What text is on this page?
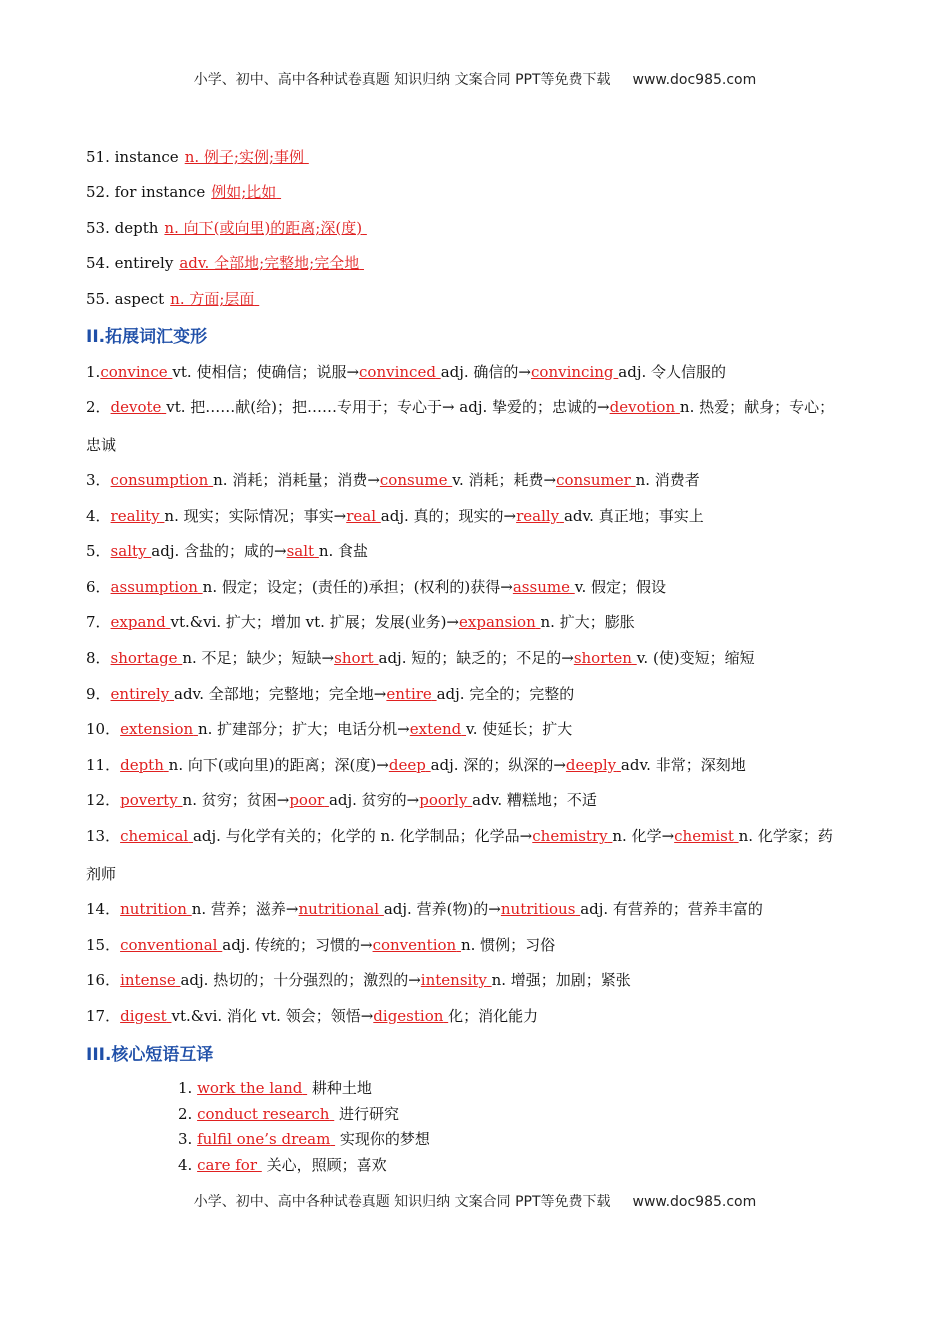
小学、初中、高中各种试卷真题 知识归纳 文案合同 PPT等免费下载 www.doc985.com
51. instance n. 例子;实例;事例
52. for instance 例如;比如
53. depth n. 向下(或向里)的距离;深(度)
54. entirely adv. 全部地;完整地;完全地
55. aspect n. 方面;层面
II.拓展词汇变形
1.convince vt. 使相信；使确信；说服→convinced adj. 确信的→convincing adj. 令人信服的
2．devote vt. 把……献(给)；把……专用于；专心于→ adj. 挚爱的；忠诚的→devotion n. 热爱；献身；专心；
忠诚
3．consumption n. 消耗；消耗量；消费→consume v. 消耗；耗费→consumer n. 消费者
4．reality n. 现实；实际情况；事实→real adj. 真的；现实的→really adv. 真正地；事实上
5．salty adj. 含盐的；咸的→salt n. 食盐
6．assumption n. 假定；设定；(责任的)承担；(权利的)获得→assume v. 假定；假设
7．expand vt.&vi. 扩大；增加 vt. 扩展；发展(业务)→expansion n. 扩大；膨胀
8．shortage n. 不足；缺少；短缺→short adj. 短的；缺乏的；不足的→shorten v. (使)变短；缩短
9．entirely adv. 全部地；完整地；完全地→entire adj. 完全的；完整的
10．extension n. 扩建部分；扩大；电话分机→extend v. 使延长；扩大
11．depth n. 向下(或向里)的距离；深(度)→deep adj. 深的；纵深的→deeply adv. 非常；深刻地
12．poverty n. 贫穷；贫困→poor adj. 贫穷的→poorly adv. 糟糕地；不适
13．chemical adj. 与化学有关的；化学的 n. 化学制品；化学品→chemistry n. 化学→chemist n. 化学家；药
剂师
14．nutrition n. 营养；滋养→nutritional adj. 营养(物)的→nutritious adj. 有营养的；营养丰富的
15．conventional adj. 传统的；习惯的→convention n. 惯例；习俗
16．intense adj. 热切的；十分强烈的；激烈的→intensity n. 增强；加剧；紧张
17．digest vt.&vi. 消化 vt. 领会；领悟→digestion 化；消化能力
III.核心短语互译
1. work the land 耕种土地
2. conduct research 进行研究
3. fulfil one’s dream 实现你的梦想
4. care for 关心，照顾；喜欢
小学、初中、高中各种试卷真题 知识归纳 文案合同 PPT等免费下载 www.doc985.com
